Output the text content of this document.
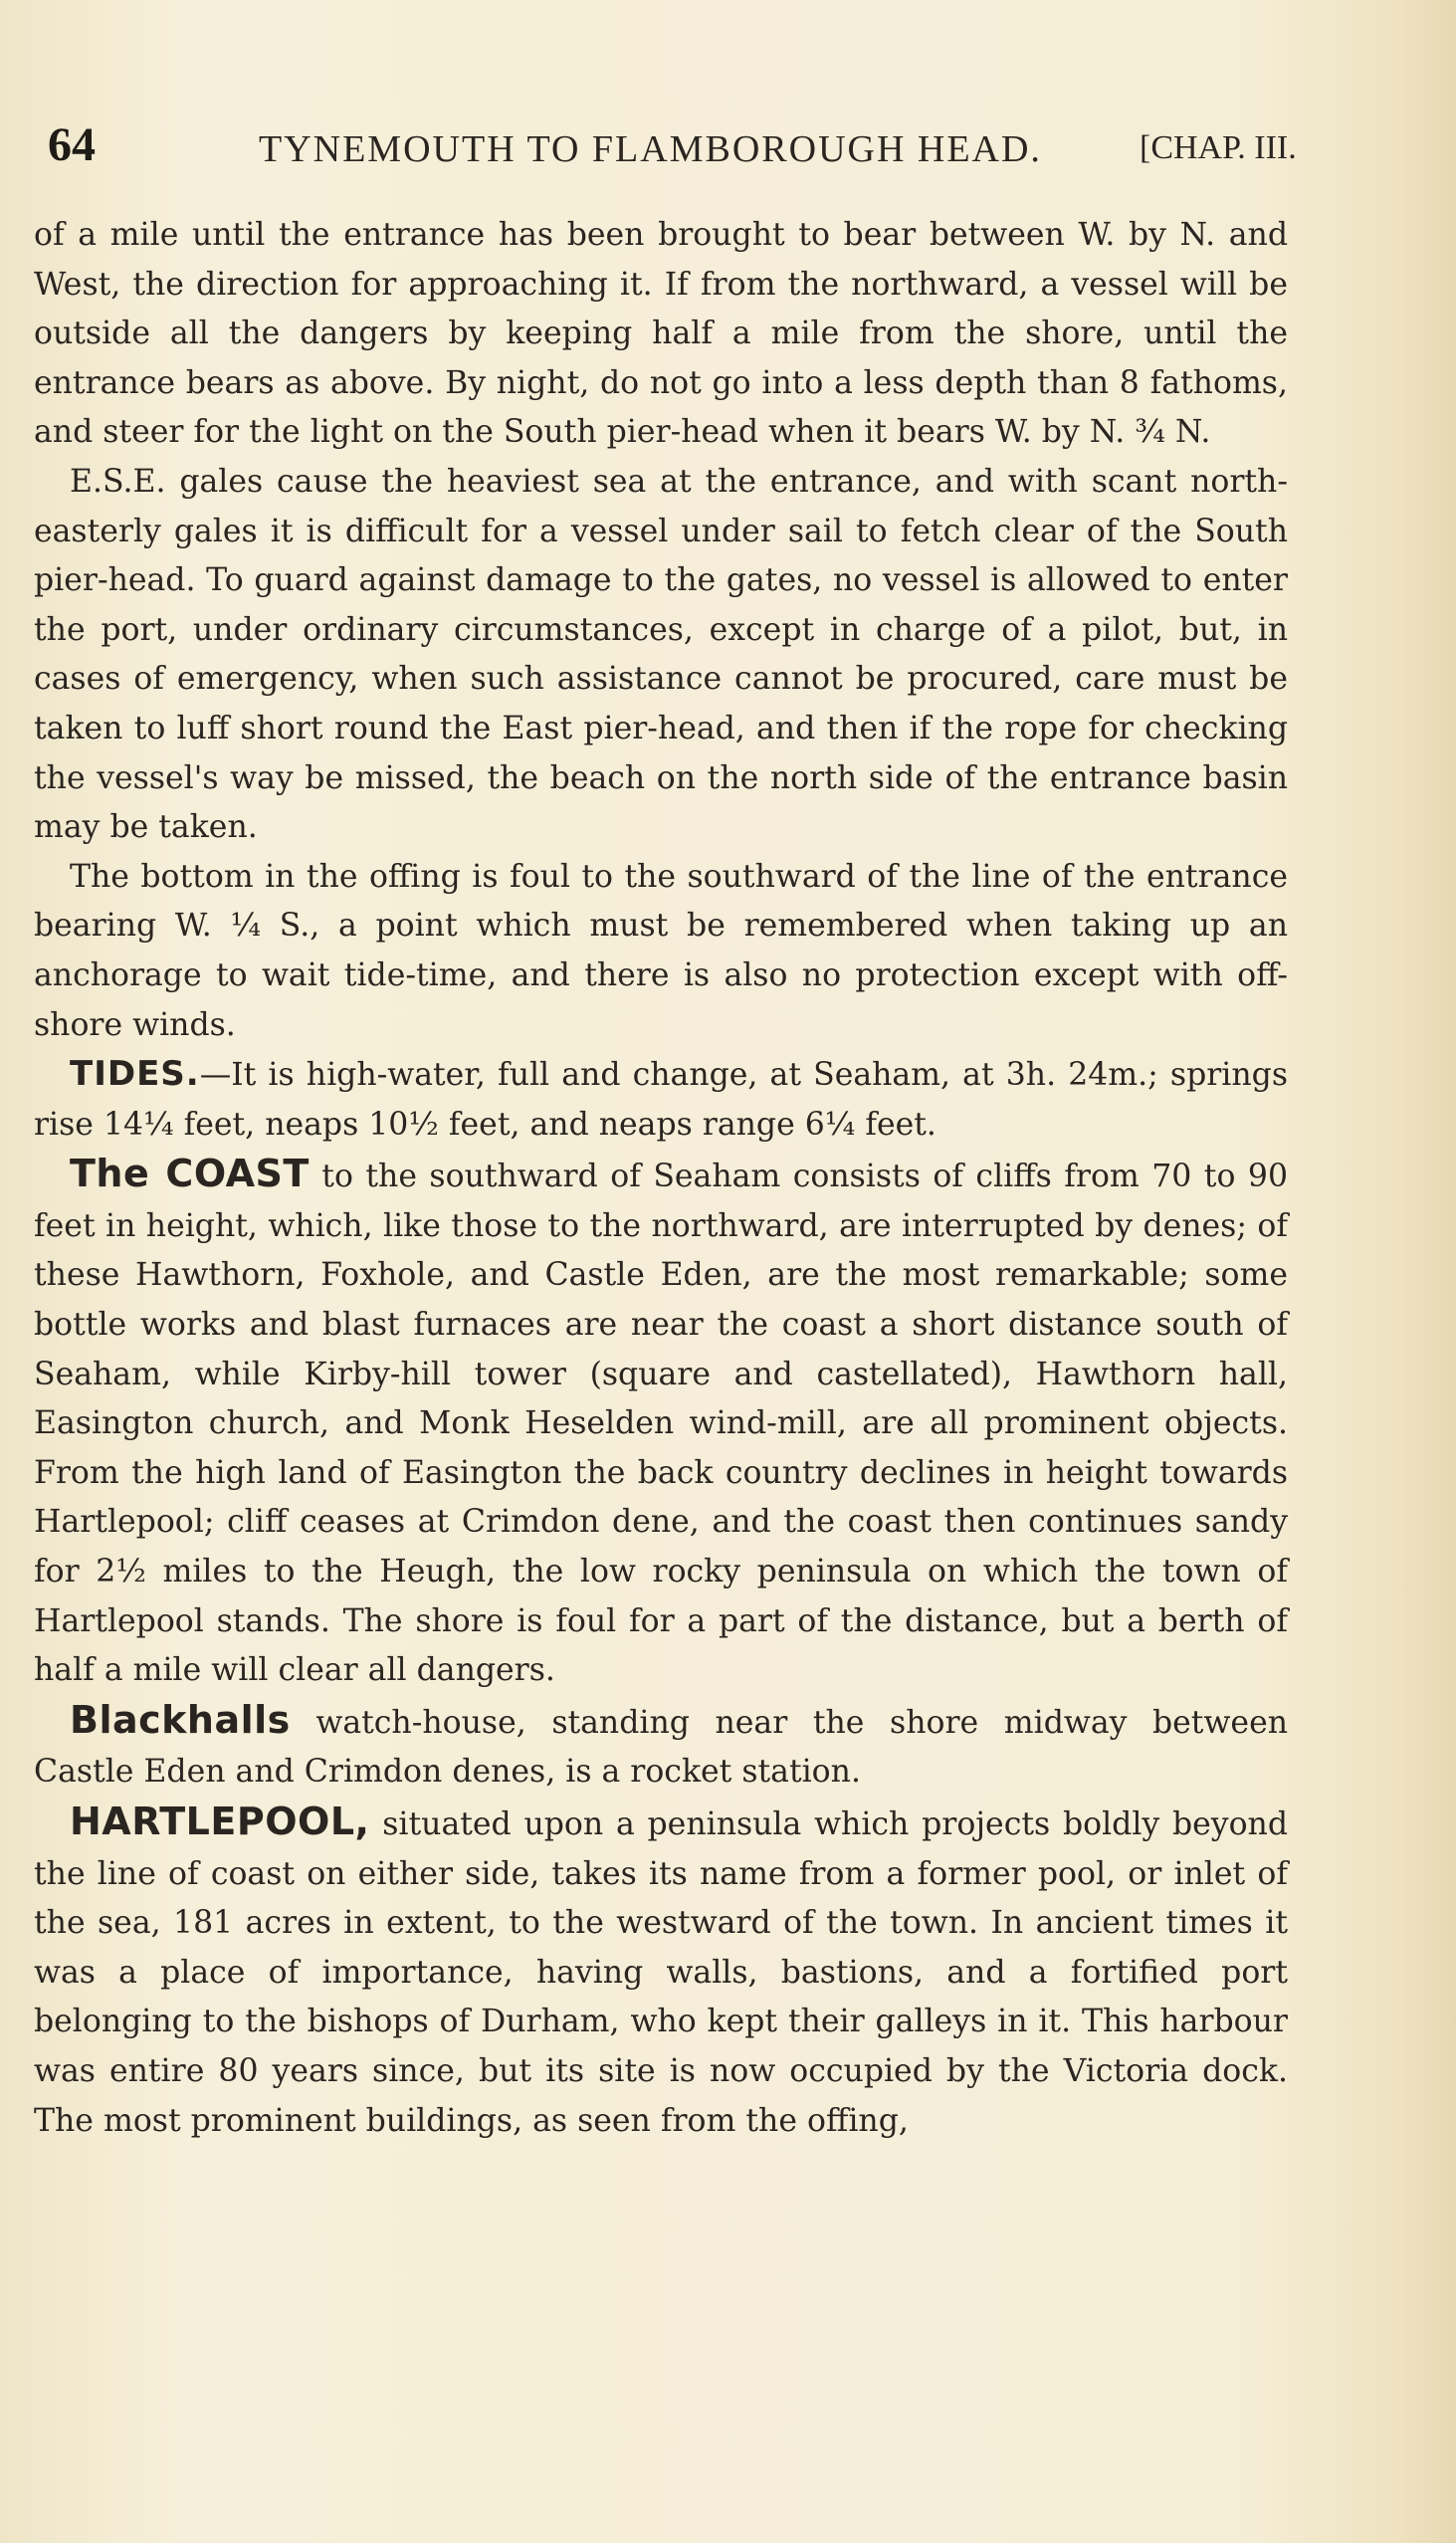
64	TYNEMOUTH TO FLAMBOROUGH HEAD.	[CHAP. III.

of a mile until the entrance has been brought to bear between W. by N. and West, the direction for approaching it. If from the northward, a vessel will be outside all the dangers by keeping half a mile from the shore, until the entrance bears as above. By night, do not go into a less depth than 8 fathoms, and steer for the light on the South pier-head when it bears W. by N. ¾ N.

E.S.E. gales cause the heaviest sea at the entrance, and with scant north-easterly gales it is difficult for a vessel under sail to fetch clear of the South pier-head. To guard against damage to the gates, no vessel is allowed to enter the port, under ordinary circumstances, except in charge of a pilot, but, in cases of emergency, when such assistance cannot be procured, care must be taken to luff short round the East pier-head, and then if the rope for checking the vessel's way be missed, the beach on the north side of the entrance basin may be taken.

The bottom in the offing is foul to the southward of the line of the entrance bearing W. ¼ S., a point which must be remembered when taking up an anchorage to wait tide-time, and there is also no protection except with off-shore winds.

TIDES.—It is high-water, full and change, at Seaham, at 3h. 24m.; springs rise 14¼ feet, neaps 10½ feet, and neaps range 6¼ feet.

The COAST to the southward of Seaham consists of cliffs from 70 to 90 feet in height, which, like those to the northward, are interrupted by denes; of these Hawthorn, Foxhole, and Castle Eden, are the most remarkable; some bottle works and blast furnaces are near the coast a short distance south of Seaham, while Kirby-hill tower (square and castellated), Hawthorn hall, Easington church, and Monk Heselden wind-mill, are all prominent objects. From the high land of Easington the back country declines in height towards Hartlepool; cliff ceases at Crimdon dene, and the coast then continues sandy for 2½ miles to the Heugh, the low rocky peninsula on which the town of Hartlepool stands. The shore is foul for a part of the distance, but a berth of half a mile will clear all dangers.

Blackhalls watch-house, standing near the shore midway between Castle Eden and Crimdon denes, is a rocket station.

HARTLEPOOL, situated upon a peninsula which projects boldly beyond the line of coast on either side, takes its name from a former pool, or inlet of the sea, 181 acres in extent, to the westward of the town. In ancient times it was a place of importance, having walls, bastions, and a fortified port belonging to the bishops of Durham, who kept their galleys in it. This harbour was entire 80 years since, but its site is now occupied by the Victoria dock. The most prominent buildings, as seen from the offing,
